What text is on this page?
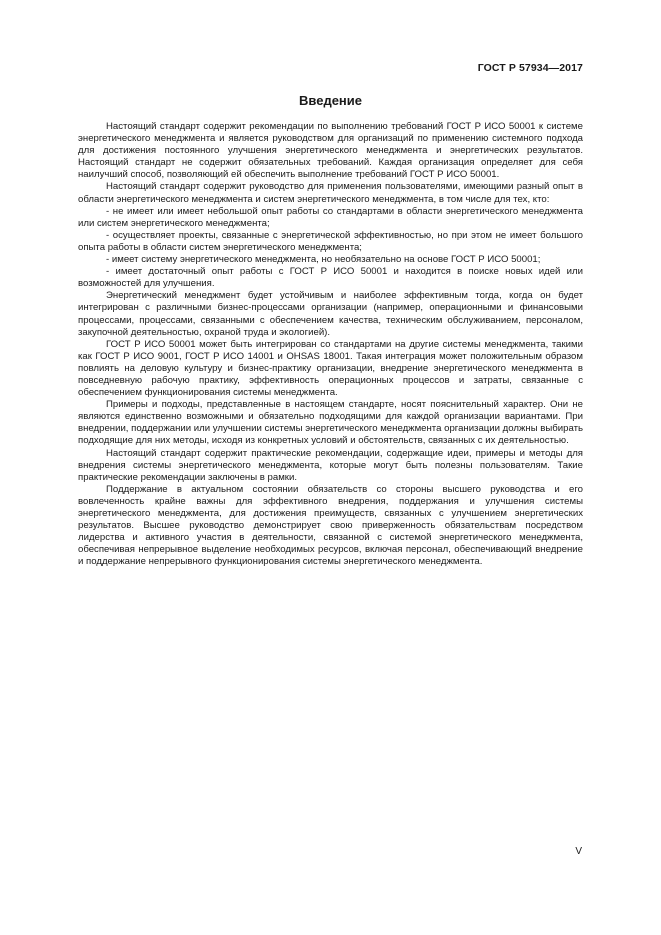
ГОСТ Р 57934—2017
Введение

Настоящий стандарт содержит рекомендации по выполнению требований ГОСТ Р ИСО 50001 к системе энергетического менеджмента и является руководством для организаций по применению системного подхода для достижения постоянного улучшения энергетического менеджмента и энергетических результатов. Настоящий стандарт не содержит обязательных требований. Каждая организация определяет для себя наилучший способ, позволяющий ей обеспечить выполнение требований ГОСТ Р ИСО 50001.

Настоящий стандарт содержит руководство для применения пользователями, имеющими разный опыт в области энергетического менеджмента и систем энергетического менеджмента, в том числе для тех, кто:

- не имеет или имеет небольшой опыт работы со стандартами в области энергетического менеджмента или систем энергетического менеджмента;

- осуществляет проекты, связанные с энергетической эффективностью, но при этом не имеет большого опыта работы в области систем энергетического менеджмента;

- имеет систему энергетического менеджмента, но необязательно на основе ГОСТ Р ИСО 50001;

- имеет достаточный опыт работы с ГОСТ Р ИСО 50001 и находится в поиске новых идей или возможностей для улучшения.

Энергетический менеджмент будет устойчивым и наиболее эффективным тогда, когда он будет интегрирован с различными бизнес-процессами организации (например, операционными и финансовыми процессами, процессами, связанными с обеспечением качества, техническим обслуживанием, персоналом, закупочной деятельностью, охраной труда и экологией).

ГОСТ Р ИСО 50001 может быть интегрирован со стандартами на другие системы менеджмента, такими как ГОСТ Р ИСО 9001, ГОСТ Р ИСО 14001 и OHSAS 18001. Такая интеграция может положительным образом повлиять на деловую культуру и бизнес-практику организации, внедрение энергетического менеджмента в повседневную рабочую практику, эффективность операционных процессов и затраты, связанные с обеспечением функционирования системы менеджмента.

Примеры и подходы, представленные в настоящем стандарте, носят пояснительный характер. Они не являются единственно возможными и обязательно подходящими для каждой организации вариантами. При внедрении, поддержании или улучшении системы энергетического менеджмента организации должны выбирать подходящие для них методы, исходя из конкретных условий и обстоятельств, связанных с их деятельностью.

Настоящий стандарт содержит практические рекомендации, содержащие идеи, примеры и методы для внедрения системы энергетического менеджмента, которые могут быть полезны пользователям. Такие практические рекомендации заключены в рамки.

Поддержание в актуальном состоянии обязательств со стороны высшего руководства и его вовлеченность крайне важны для эффективного внедрения, поддержания и улучшения системы энергетического менеджмента, для достижения преимуществ, связанных с улучшением энергетических результатов. Высшее руководство демонстрирует свою приверженность обязательствам посредством лидерства и активного участия в деятельности, связанной с системой энергетического менеджмента, обеспечивая непрерывное выделение необходимых ресурсов, включая персонал, обеспечивающий внедрение и поддержание непрерывного функционирования системы энергетического менеджмента.

V
